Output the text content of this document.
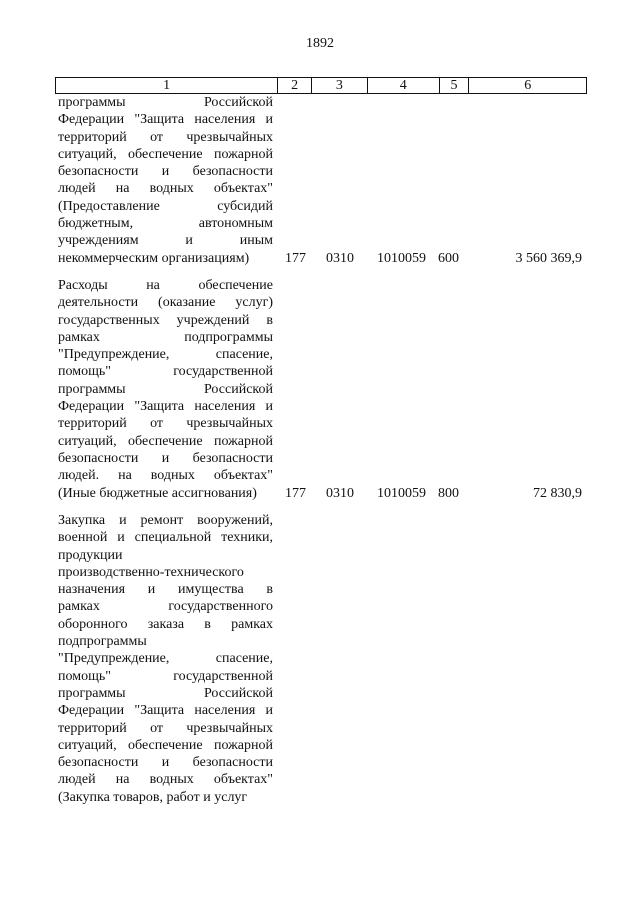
1892
1	2	3	4	5	6
программы Российской
Федерации "Защита населения и
территорий от чрезвычайных
ситуаций, обеспечение пожарной
безопасности и безопасности
людей на водных объектах"
(Предоставление субсидий
бюджетным, автономным
учреждениям и иным
некоммерческим организациям)	177 0310 1010059 600	3 560 369,9
Расходы на обеспечение
деятельности (оказание услуг)
государственных учреждений в
рамках подпрограммы
"Предупреждение, спасение,
помощь" государственной
программы Российской
Федерации "Защита населения и
территорий от чрезвычайных
ситуаций, обеспечение пожарной
безопасности и безопасности
людей. на водных объектах"
(Иные бюджетные ассигнования)	177 0310 1010059 800	72 830,9
Закупка и ремонт вооружений,
военной и специальной техники,
продукции
производственно-технического
назначения и имущества в
рамках государственного
оборонного заказа в рамках
подпрограммы
"Предупреждение, спасение,
помощь" государственной
программы Российской
Федерации "Защита населения и
территорий от чрезвычайных
ситуаций, обеспечение пожарной
безопасности и безопасности
людей на водных объектах"
(Закупка товаров, работ и услуг
